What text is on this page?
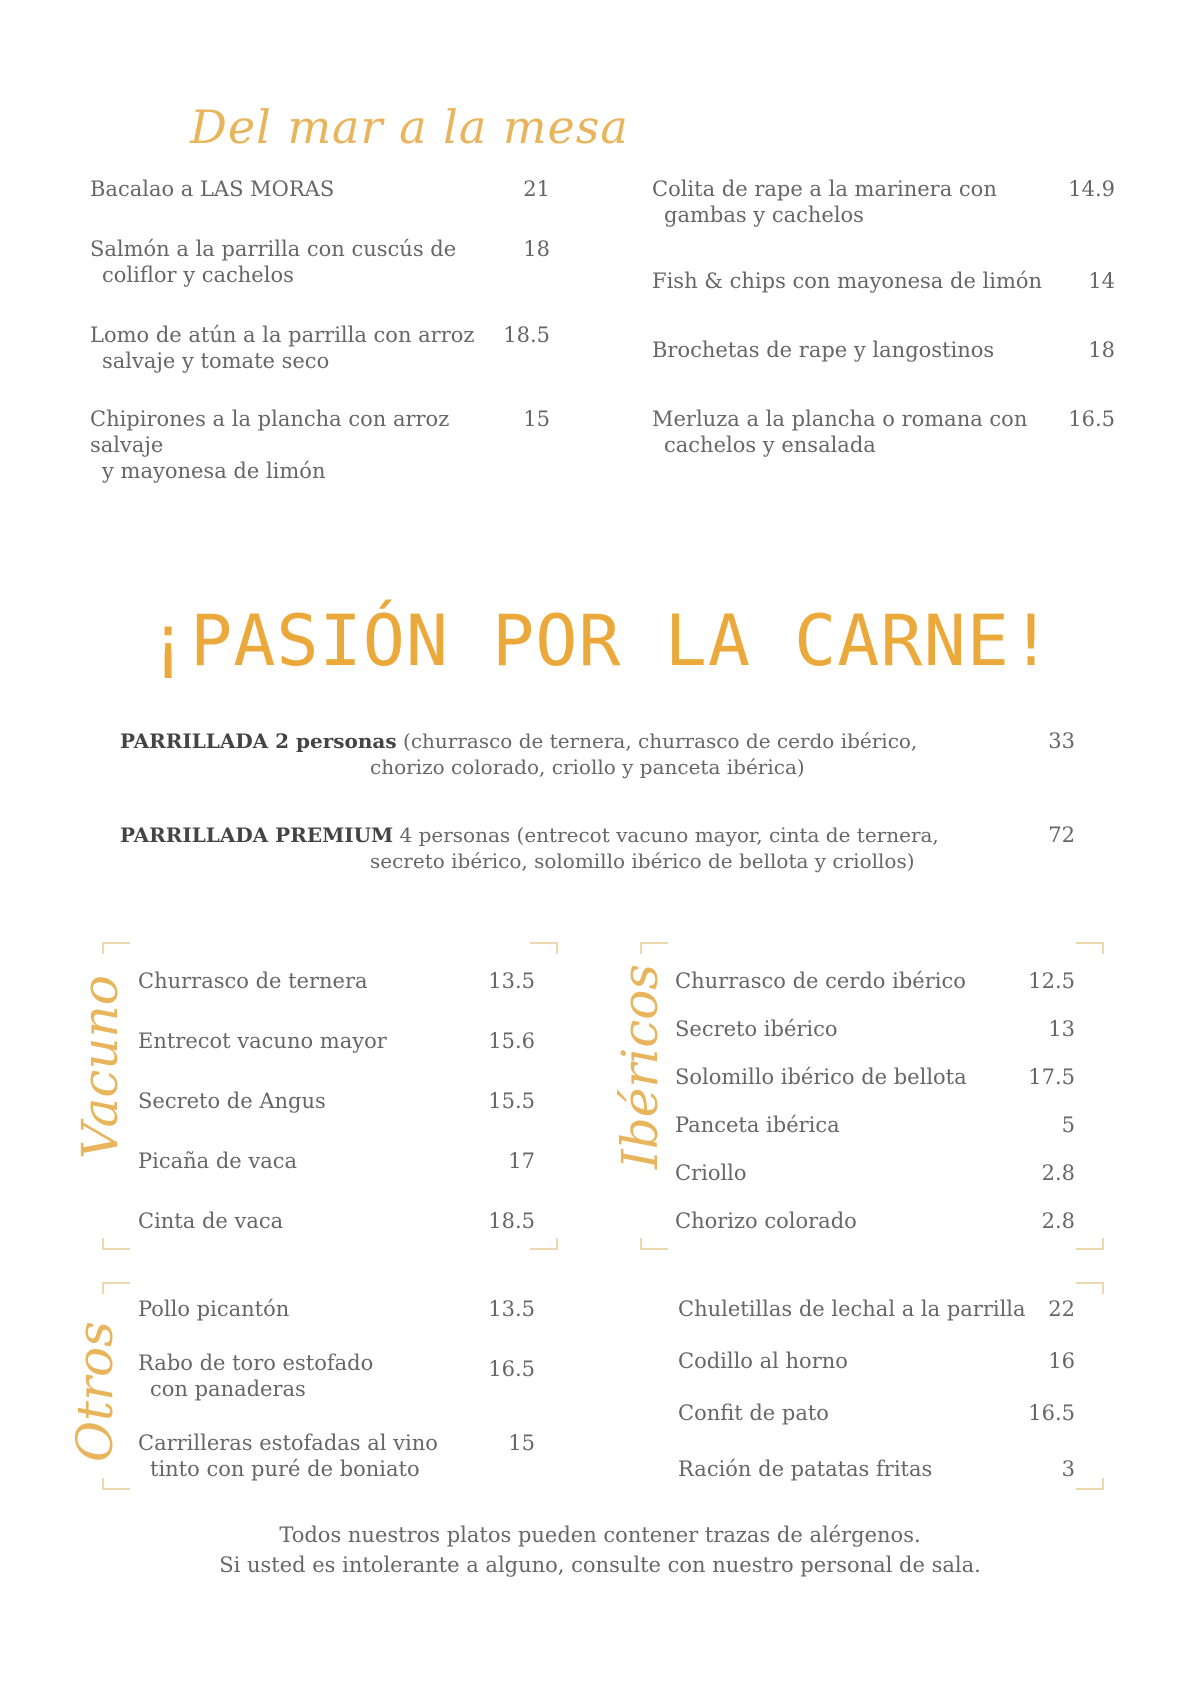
Del mar a la mesa
Bacalao a LAS MORAS	21
Salmón a la parrilla con cuscús de
coliflor y cachelos
18
Lomo de atún a la parrilla con arroz
salvaje y tomate seco
18.5
Chipirones a la plancha con arroz salvaje
y mayonesa de limón
15
Colita de rape a la marinera con
gambas y cachelos
14.9
Fish & chips con mayonesa de limón	14
Brochetas de rape y langostinos	18
Merluza a la plancha o romana con
cachelos y ensalada
16.5
¡PASIÓN POR LA CARNE!
PARRILLADA 2 personas (churrasco de ternera, churrasco de cerdo ibérico,
chorizo colorado, criollo y panceta ibérica)
33
PARRILLADA PREMIUM 4 personas (entrecot vacuno mayor, cinta de ternera,
secreto ibérico, solomillo ibérico de bellota y criollos)
72
Vacuno Churrasco de ternera	13.5
Entrecot vacuno mayor	15.6
Secreto de Angus	15.5
Picaña de vaca	17
Cinta de vaca	18.5
Ibéricos Churrasco de cerdo ibérico	12.5
Secreto ibérico	13
Solomillo ibérico de bellota	17.5
Panceta ibérica	5
Criollo	2.8
Chorizo colorado	2.8
Otros
Pollo picantón	13.5
Rabo de toro estofado
con panaderas
16.5
Carrilleras estofadas al vino
tinto con puré de boniato
15
Chuletillas de lechal a la parrilla	22
Codillo al horno	16
Confit de pato	16.5
Ración de patatas fritas	3
Todos nuestros platos pueden contener trazas de alérgenos.
Si usted es intolerante a alguno, consulte con nuestro personal de sala.
